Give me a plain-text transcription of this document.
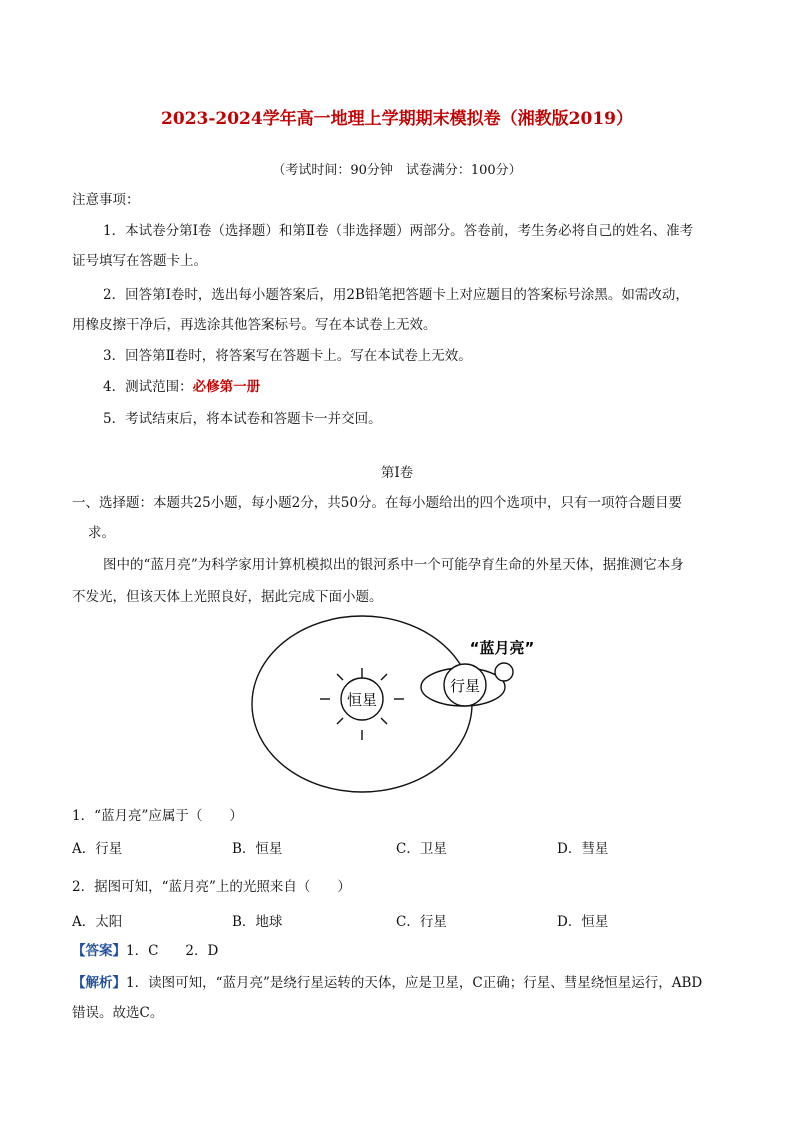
2023-2024学年高一地理上学期期末模拟卷（湘教版2019）
（考试时间：90分钟　试卷满分：100分）
注意事项：
1．本试卷分第Ⅰ卷（选择题）和第Ⅱ卷（非选择题）两部分。答卷前，考生务必将自己的姓名、准考
证号填写在答题卡上。
2．回答第Ⅰ卷时，选出每小题答案后，用2B铅笔把答题卡上对应题目的答案标号涂黑。如需改动，
用橡皮擦干净后，再选涂其他答案标号。写在本试卷上无效。
3．回答第Ⅱ卷时，将答案写在答题卡上。写在本试卷上无效。
4．测试范围：必修第一册
5．考试结束后，将本试卷和答题卡一并交回。
第Ⅰ卷
一、选择题：本题共25小题，每小题2分，共50分。在每小题给出的四个选项中，只有一项符合题目要
求。
图中的“蓝月亮”为科学家用计算机模拟出的银河系中一个可能孕育生命的外星天体，据推测它本身
不发光，但该天体上光照良好，据此完成下面小题。
恒星
行星
“蓝月亮”
1．“蓝月亮”应属于（　　）
A．行星	B．恒星	C．卫星	D．彗星
2．据图可知，“蓝月亮”上的光照来自（　　）
A．太阳	B．地球	C．行星	D．恒星
【答案】1．C　　2．D
【解析】1．读图可知，“蓝月亮”是绕行星运转的天体，应是卫星，C正确；行星、彗星绕恒星运行，ABD
错误。故选C。
